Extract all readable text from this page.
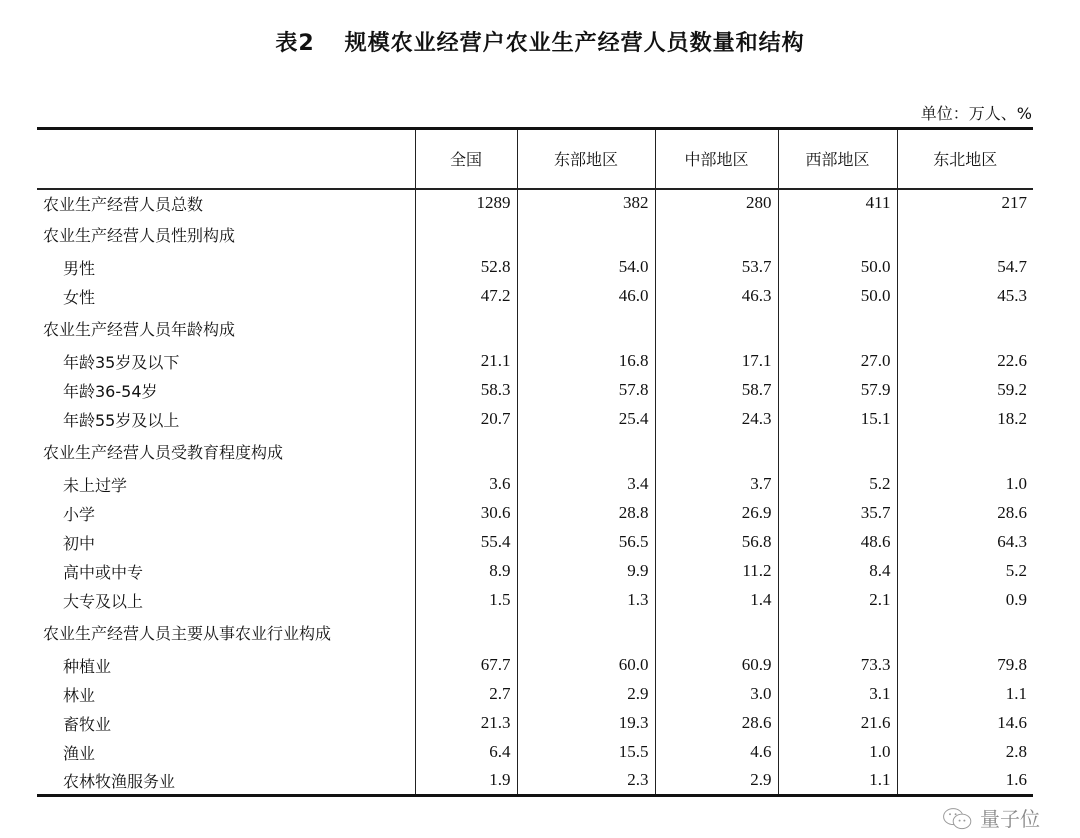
表2 规模农业经营户农业生产经营人员数量和结构
单位：万人、%
	全国	东部地区	中部地区	西部地区	东北地区
农业生产经营人员总数	1289	382	280	411	217
农业生产经营人员性别构成					
男性	52.8	54.0	53.7	50.0	54.7
女性	47.2	46.0	46.3	50.0	45.3
农业生产经营人员年龄构成					
年龄35岁及以下	21.1	16.8	17.1	27.0	22.6
年龄36-54岁	58.3	57.8	58.7	57.9	59.2
年龄55岁及以上	20.7	25.4	24.3	15.1	18.2
农业生产经营人员受教育程度构成					
未上过学	3.6	3.4	3.7	5.2	1.0
小学	30.6	28.8	26.9	35.7	28.6
初中	55.4	56.5	56.8	48.6	64.3
高中或中专	8.9	9.9	11.2	8.4	5.2
大专及以上	1.5	1.3	1.4	2.1	0.9
农业生产经营人员主要从事农业行业构成					
种植业	67.7	60.0	60.9	73.3	79.8
林业	2.7	2.9	3.0	3.1	1.1
畜牧业	21.3	19.3	28.6	21.6	14.6
渔业	6.4	15.5	4.6	1.0	2.8
农林牧渔服务业	1.9	2.3	2.9	1.1	1.6
量子位
